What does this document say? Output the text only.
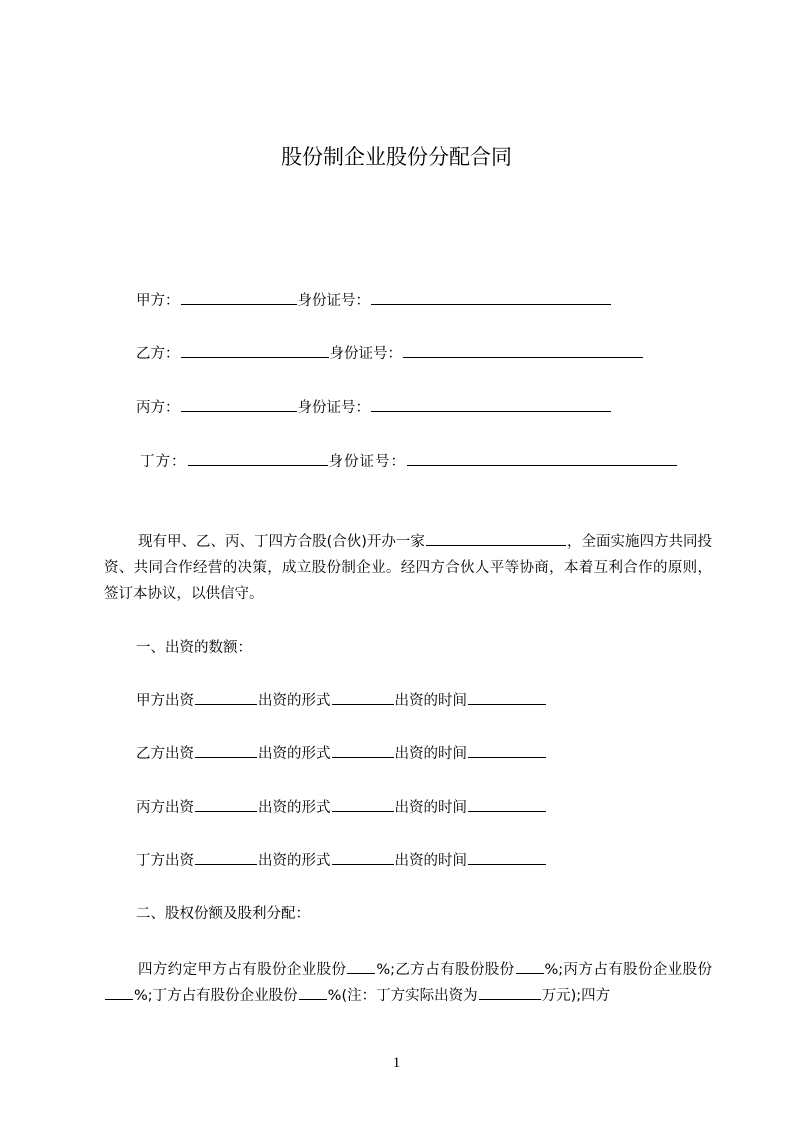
股份制企业股份分配合同
甲方：	身份证号：
乙方：	身份证号：
丙方：	身份证号：
丁方：	身份证号：
现有甲、乙、丙、丁四方合股(合伙)开办一家	，全面实施四方共同投资、共同合作经营的决策，成立股份制企业。经四方合伙人平等协商，本着互利合作的原则，签订本协议，以供信守。
一、出资的数额：
甲方出资	出资的形式	出资的时间
乙方出资	出资的形式	出资的时间
丙方出资	出资的形式	出资的时间
丁方出资	出资的形式	出资的时间
二、股权份额及股利分配：
四方约定甲方占有股份企业股份 %;乙方占有股份股份 %;丙方占有股份企业股份%;丁方占有股份企业股份 %(注：丁方实际出资为	万元);四方
1
